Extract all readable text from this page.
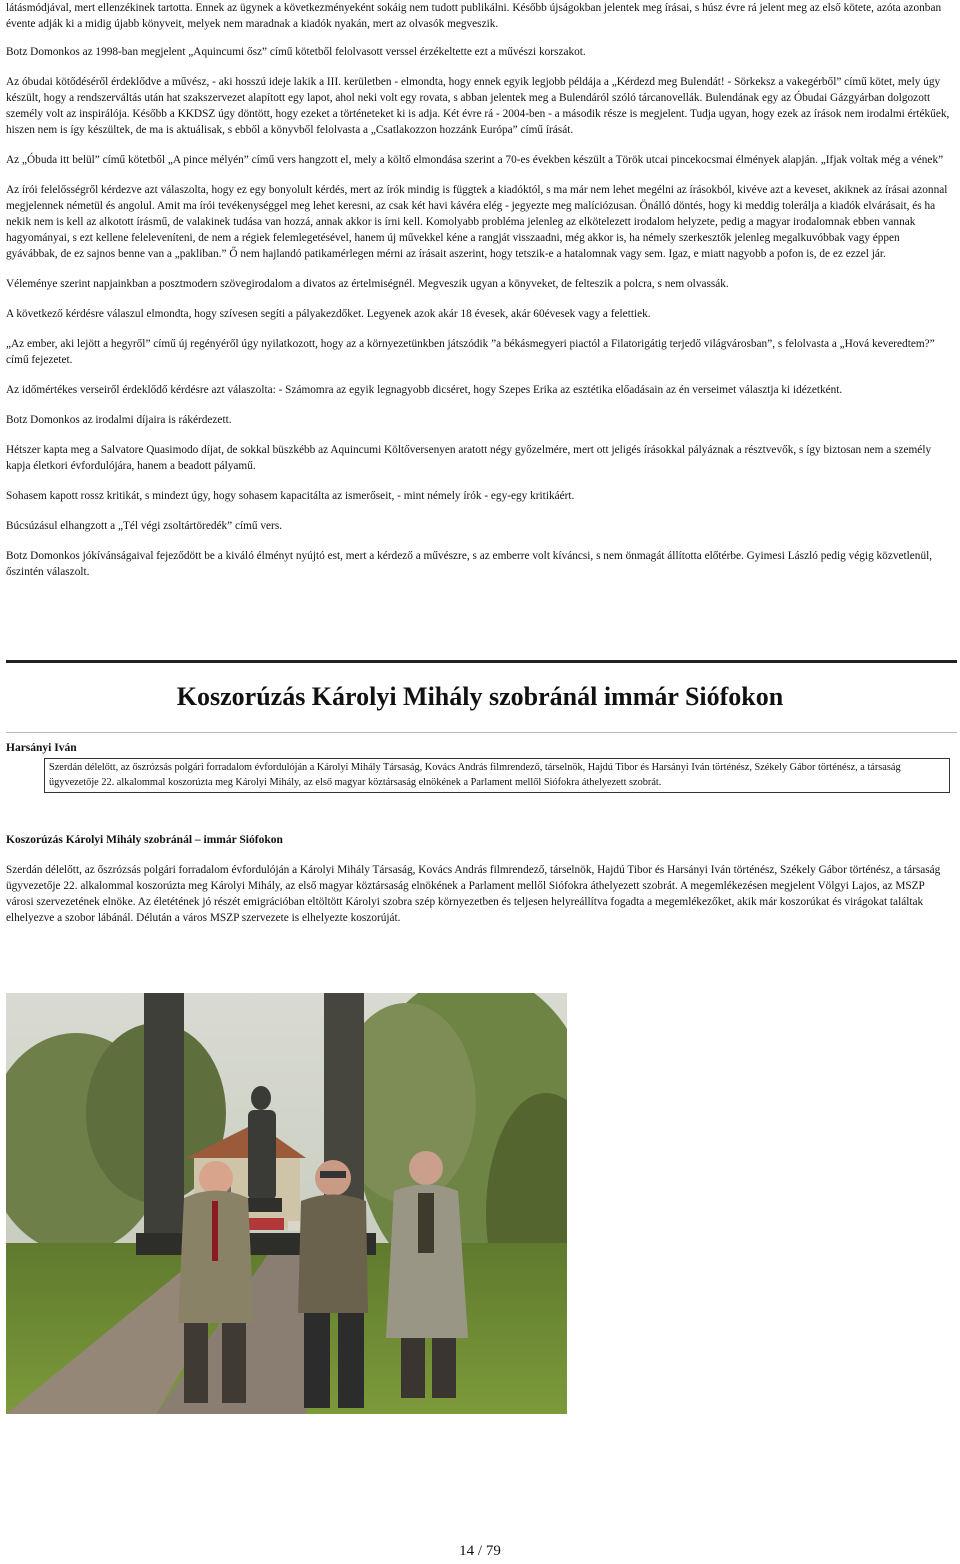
látásmódjával, mert ellenzékinek tartotta. Ennek az ügynek a következményeként sokáig nem tudott publikálni. Később újságokban jelentek meg írásai, s húsz évre rá jelent meg az első kötete, azóta azonban évente adják ki a midig újabb könyveit, melyek nem maradnak a kiadók nyakán, mert az olvasók megveszik.

Botz Domonkos az 1998-ban megjelent „Aquincumi ősz” című kötetből felolvasott verssel érzékeltette ezt a művészi korszakot.

Az óbudai kötődéséről érdeklődve a művész, - aki hosszú ideje lakik a III. kerületben - elmondta, hogy ennek egyik legjobb példája a „Kérdezd meg Bulendát! - Sörkeksz a vakegérből” című kötet, mely úgy készült, hogy a rendszerváltás után hat szakszervezet alapított egy lapot, ahol neki volt egy rovata, s abban jelentek meg a Bulendáról szóló tárcanovellák. Bulendának egy az Óbudai Gázgyárban dolgozott személy volt az inspirálója. Később a KKDSZ úgy döntött, hogy ezeket a történeteket ki is adja. Két évre rá - 2004-ben - a második része is megjelent. Tudja ugyan, hogy ezek az írások nem irodalmi értékűek, hiszen nem is így készültek, de ma is aktuálisak, s ebből a könyvből felolvasta a „Csatlakozzon hozzánk Európa” című írását.

Az „Óbuda itt belül” című kötetből „A pince mélyén” című vers hangzott el, mely a költő elmondása szerint a 70-es években készült a Török utcai pincekocsmai élmények alapján. „Ifjak voltak még a vének”

Az írói felelősségről kérdezve azt válaszolta, hogy ez egy bonyolult kérdés, mert az írók mindig is függtek a kiadóktól, s ma már nem lehet megélni az írásokból, kivéve azt a keveset, akiknek az írásai azonnal megjelennek németül és angolul. Amit ma írói tevékenységgel meg lehet keresni, az csak két havi kávéra elég - jegyezte meg malíciózusan. Önálló döntés, hogy ki meddig tolerálja a kiadók elvárásait, és ha nekik nem is kell az alkotott írásmű, de valakinek tudása van hozzá, annak akkor is írni kell. Komolyabb probléma jelenleg az elkötelezett irodalom helyzete, pedig a magyar irodalomnak ebben vannak hagyományai, s ezt kellene feleleveníteni, de nem a régiek felemlegetésével, hanem új művekkel kéne a rangját visszaadni, még akkor is, ha némely szerkesztők jelenleg megalkuvóbbak vagy éppen gyávábbak, de ez sajnos benne van a „pakliban.” Ő nem hajlandó patikamérlegen mérni az írásait aszerint, hogy tetszik-e a hatalomnak vagy sem. Igaz, e miatt nagyobb a pofon is, de ez ezzel jár.

Véleménye szerint napjainkban a posztmodern szövegirodalom a divatos az értelmiségnél. Megveszik ugyan a könyveket, de felteszik a polcra, s nem olvassák.

A következő kérdésre válaszul elmondta, hogy szívesen segíti a pályakezdőket. Legyenek azok akár 18 évesek, akár 60évesek vagy a felettiek.

„Az ember, aki lejött a hegyről” című új regényéről úgy nyilatkozott, hogy az a környezetünkben játszódik ”a békásmegyeri piactól a Filatorigátig terjedő világvárosban”, s felolvasta a „Hová keveredtem?” című fejezetet.

Az időmértékes verseiről érdeklődő kérdésre azt válaszolta: - Számomra az egyik legnagyobb dicséret, hogy Szepes Erika az esztétika előadásain az én verseimet választja ki idézetként.

Botz Domonkos az irodalmi díjaira is rákérdezett.

Hétszer kapta meg a Salvatore Quasimodo díjat, de sokkal büszkébb az Aquincumi Költőversenyen aratott négy győzelmére, mert ott jeligés írásokkal pályáznak a résztvevők, s így biztosan nem a személy kapja életkori évfordulójára, hanem a beadott pályamű.

Sohasem kapott rossz kritikát, s mindezt úgy, hogy sohasem kapacitálta az ismerőseit, - mint némely írók - egy-egy kritikáért.

Búcsúzásul elhangzott a „Tél végi zsoltártöredék” című vers.

Botz Domonkos jókívánságaival fejeződött be a kiváló élményt nyújtó est, mert a kérdező a művészre, s az emberre volt kíváncsi, s nem önmagát állította előtérbe. Gyimesi László pedig végig közvetlenül, őszintén válaszolt.

Koszorúzás Károlyi Mihály szobránál immár Siófokon
Harsányi Iván
Szerdán délelőtt, az őszrózsás polgári forradalom évfordulóján a Károlyi Mihály Társaság, Kovács András filmrendező, társelnök, Hajdú Tibor és Harsányi Iván történész, Székely Gábor történész, a társaság ügyvezetője 22. alkalommal koszorúzta meg Károlyi Mihály, az első magyar köztársaság elnökének a Parlament mellől Siófokra áthelyezett szobrát.
Koszorúzás Károlyi Mihály szobránál – immár Siófokon

Szerdán délelőtt, az őszrózsás polgári forradalom évfordulóján a Károlyi Mihály Társaság, Kovács András filmrendező, társelnök, Hajdú Tibor és Harsányi Iván történész, Székely Gábor történész, a társaság ügyvezetője 22. alkalommal koszorúzta meg Károlyi Mihály, az első magyar köztársaság elnökének a Parlament mellől Siófokra áthelyezett szobrát. A megemlékezésen megjelent Völgyi Lajos, az MSZP városi szervezetének elnöke. Az életétének jó részét emigrációban eltöltött Károlyi szobra szép környezetben és teljesen helyreállítva fogadta a megemlékezőket, akik már koszorúkat és virágokat találtak elhelyezve a szobor lábánál. Délután a város MSZP szervezete is elhelyezte koszorúját.

14 / 79
